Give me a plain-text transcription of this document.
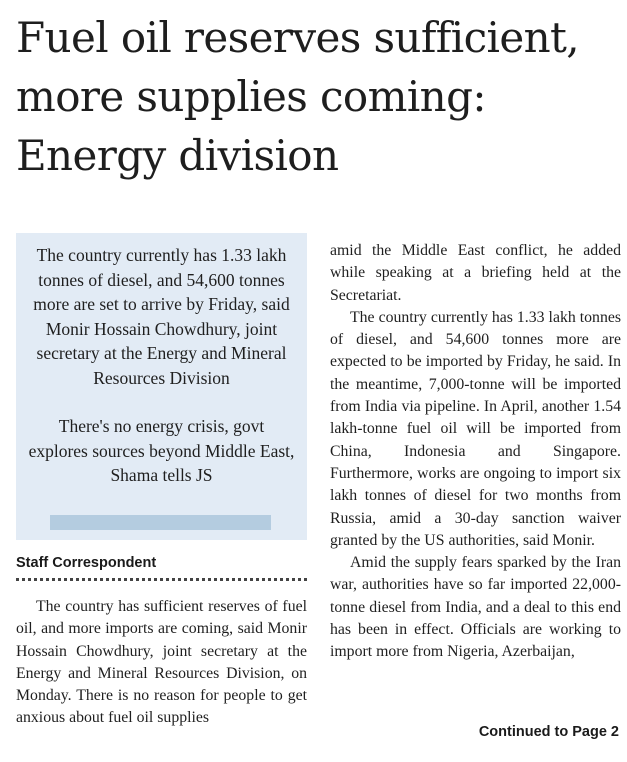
Fuel oil reserves sufficient, more supplies coming: Energy division

The country currently has 1.33 lakh tonnes of diesel, and 54,600 tonnes more are set to arrive by Friday, said Monir Hossain Chowdhury, joint secretary at the Energy and Mineral Resources Division

There's no energy crisis, govt explores sources beyond Middle East, Shama tells JS

Staff Correspondent

The country has sufficient reserves of fuel oil, and more imports are coming, said Monir Hossain Chowdhury, joint secretary at the Energy and Mineral Resources Division, on Monday. There is no reason for people to get anxious about fuel oil supplies

amid the Middle East conflict, he added while speaking at a briefing held at the Secretariat.

The country currently has 1.33 lakh tonnes of diesel, and 54,600 tonnes more are expected to be imported by Friday, he said. In the meantime, 7,000-tonne will be imported from India via pipeline. In April, another 1.54 lakh-tonne fuel oil will be imported from China, Indonesia and Singapore. Furthermore, works are ongoing to import six lakh tonnes of diesel for two months from Russia, amid a 30-day sanction waiver granted by the US authorities, said Monir.

Amid the supply fears sparked by the Iran war, authorities have so far imported 22,000-tonne diesel from India, and a deal to this end has been in effect. Officials are working to import more from Nigeria, Azerbaijan,

Continued to Page 2
